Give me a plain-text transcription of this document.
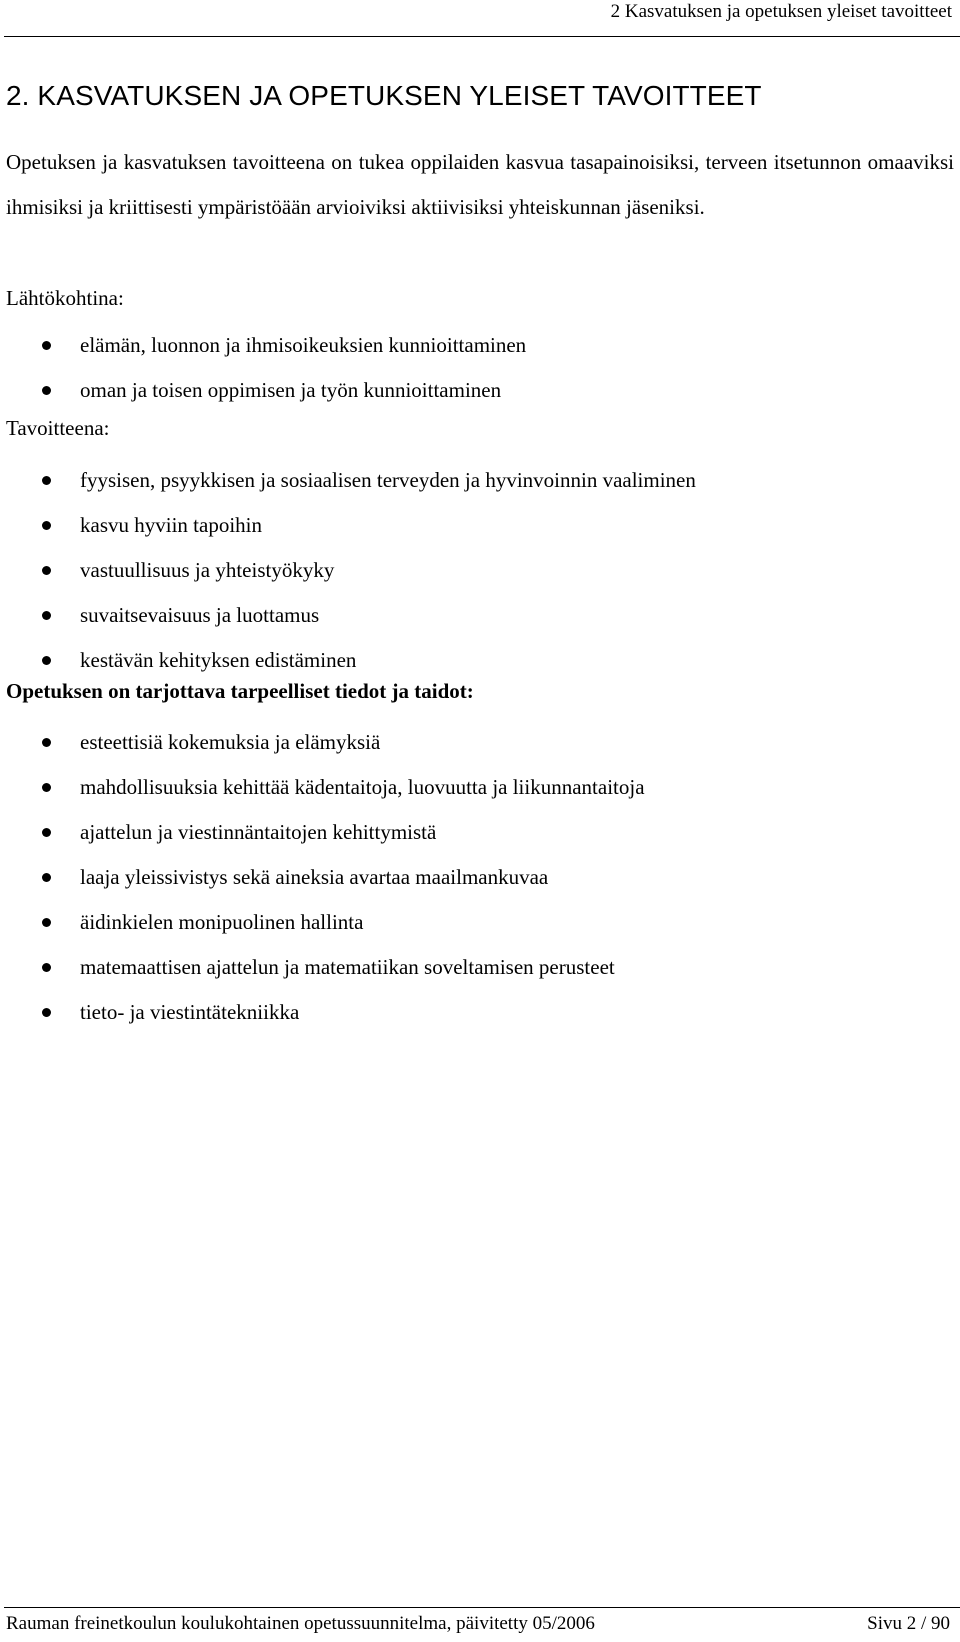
2 Kasvatuksen ja opetuksen yleiset tavoitteet
2. KASVATUKSEN JA OPETUKSEN YLEISET TAVOITTEET

Opetuksen ja kasvatuksen tavoitteena on tukea oppilaiden kasvua tasapainoisiksi, terveen itsetunnon omaaviksi ihmisiksi ja kriittisesti ympäristöään arvioiviksi aktiivisiksi yhteiskunnan jäseniksi.

Lähtökohtina:
elämän, luonnon ja ihmisoikeuksien kunnioittaminen
oman ja toisen oppimisen ja työn kunnioittaminen
Tavoitteena:
fyysisen, psyykkisen ja sosiaalisen terveyden ja hyvinvoinnin vaaliminen
kasvu hyviin tapoihin
vastuullisuus ja yhteistyökyky
suvaitsevaisuus ja luottamus
kestävän kehityksen edistäminen
Opetuksen on tarjottava tarpeelliset tiedot ja taidot:
esteettisiä kokemuksia ja elämyksiä
mahdollisuuksia kehittää kädentaitoja, luovuutta ja liikunnantaitoja
ajattelun ja viestinnäntaitojen kehittymistä
laaja yleissivistys sekä aineksia avartaa maailmankuvaa
äidinkielen monipuolinen hallinta
matemaattisen ajattelun ja matematiikan soveltamisen perusteet
tieto- ja viestintätekniikka
Rauman freinetkoulun koulukohtainen opetussuunnitelma, päivitetty 05/2006	Sivu 2 / 90
